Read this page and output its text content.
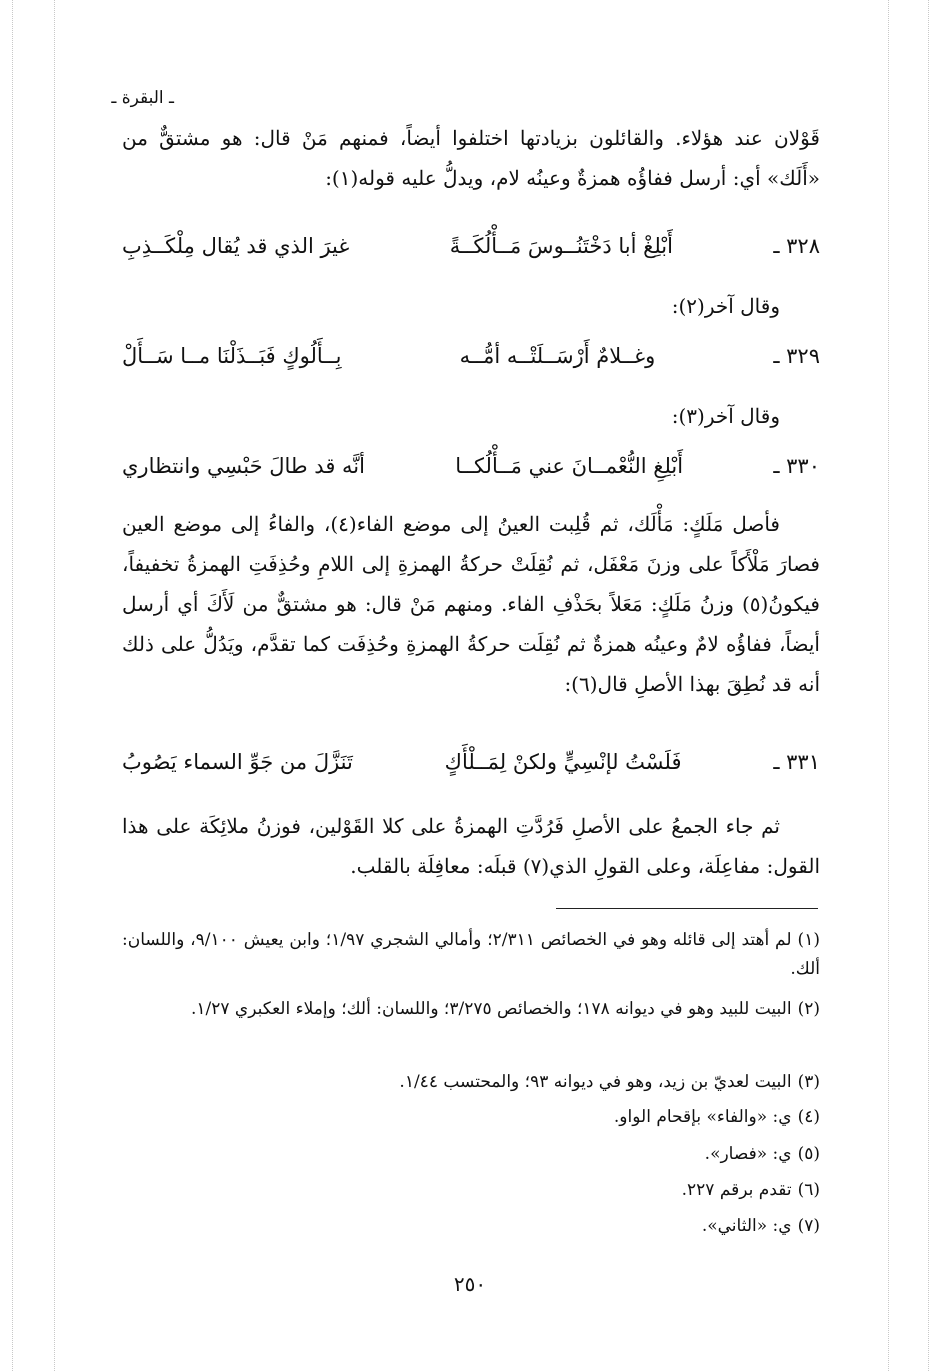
ـ البقرة ـ
قَوْلان عند هؤلاء. والقائلون بزيادتها اختلفوا أيضاً، فمنهم مَنْ قال: هو مشتقٌّ من «أَلَك» أي: أرسل ففاؤُه همزةٌ وعينُه لام، ويدلُّ عليه قوله(١):
٣٢٨ ـ
أَبْلِغْ أبا دَخْتَنُــوسَ مَــأْلُكَــةً
غيرَ الذي قد يُقال مِلْكَــذِبِ
وقال آخر(٢):
٣٢٩ ـ
وغــلامٌ أَرْسَــلَتْــه أمُّــه
بِــأَلُوكٍ فَبَــذَلْنَا مــا سَــأَلْ
وقال آخر(٣):
٣٣٠ ـ
أَبْلِغِ النُّعْمــانَ عني مَــأْلُكــا
أنَّه قد طالَ حَبْسِي وانتظاري
فأصل مَلَكٍ: مَأْلَك، ثم قُلِبت العينُ إلى موضع الفاء(٤)، والفاءُ إلى موضع العين فصارَ مَلْأَكاً على وزنَ مَعْفَل، ثم نُقِلَتْ حركةُ الهمزةِ إلى اللامِ وحُذِفَتِ الهمزةُ تخفيفاً، فيكونُ(٥) وزنُ مَلَكٍ: مَعَلاً بحَذْفِ الفاء. ومنهم مَنْ قال: هو مشتقٌّ من لَأَكَ أي أرسل أيضاً، ففاؤُه لامٌ وعينُه همزةٌ ثم نُقِلَت حركةُ الهمزةِ وحُذِفَت كما تقدَّم، ويَدُلُّ على ذلك أنه قد نُطِقَ بهذا الأصلِ قال(٦):
٣٣١ ـ
فَلَسْتُ لإنْسِيٍّ ولكنْ لِمَــلْأَكٍ
تَنَزَّلَ من جَوِّ السماء يَصُوبُ
ثم جاء الجمعُ على الأصلِ فَرُدَّتِ الهمزةُ على كلا القَوْلين، فوزنُ ملائِكَة على هذا القول: مفاعِلَة، وعلى القولِ الذي(٧) قبلَه: معافِلَة بالقلب.
(١)لم أهتد إلى قائله وهو في الخصائص ٢/٣١١؛ وأمالي الشجري ١/٩٧؛ وابن يعيش ٩/١٠٠، واللسان: ألك.
(٢)البيت للبيد وهو في ديوانه ١٧٨؛ والخصائص ٣/٢٧٥؛ واللسان: ألك؛ وإملاء العكبري ١/٢٧.
(٣)البيت لعديّ بن زيد، وهو في ديوانه ٩٣؛ والمحتسب ١/٤٤.
(٤)ي: «والفاء» بإقحام الواو.
(٥)ي: «فصار».
(٦)تقدم برقم ٢٢٧.
(٧)ي: «الثاني».
٢٥٠
